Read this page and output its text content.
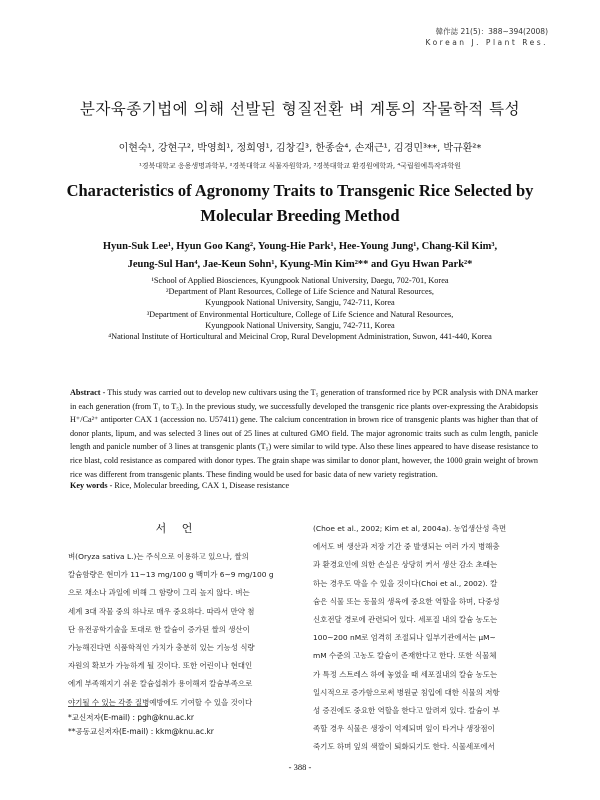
韓作誌 21(5)：388~394(2008)
Korean J. Plant Res.
분자육종기법에 의해 선발된 형질전환 벼 계통의 작물학적 특성
이현숙¹, 강현구², 박영희¹, 정희영¹, 김창길³, 한종술⁴, 손재근¹, 김경민³**, 박규환²*
¹경북대학교 응용생명과학부, ²경북대학교 식물자원학과, ³경북대학교 환경원예학과, ⁴국립원예특작과학원
Characteristics of Agronomy Traits to Transgenic Rice Selected by
Molecular Breeding Method
Hyun-Suk Lee¹, Hyun Goo Kang², Young-Hie Park¹, Hee-Young Jung¹, Chang-Kil Kim³,
Jeung-Sul Han⁴, Jae-Keun Sohn¹, Kyung-Min Kim²** and Gyu Hwan Park²*
¹School of Applied Biosciences, Kyungpook National University, Daegu, 702-701, Korea
²Department of Plant Resources, College of Life Science and Natural Resources,
Kyungpook National University, Sangju, 742-711, Korea
³Department of Environmental Horticulture, College of Life Science and Natural Resources,
Kyungpook National University, Sangju, 742-711, Korea
⁴National Institute of Horticultural and Meicinal Crop, Rural Development Administration, Suwon, 441-440, Korea
Abstract - This study was carried out to develop new cultivars using the T₅ generation of transformed rice by PCR analysis with DNA marker in each generation (from T₁ to T₅). In the previous study, we successfully developed the transgenic rice plants over-expressing the Arabidopsis H⁺/Ca²⁺ antiporter CAX 1 (accession no. U57411) gene. The calcium concentration in brown rice of transgenic plants was higher than that of donor plants, lipum, and was selected 3 lines out of 25 lines at cultured GMO field. The major agronomic traits such as culm length, panicle length and panicle number of 3 lines at transgenic plants (T₅) were similar to wild type. Also these lines appeared to have disease resistance to rice blast, cold resistance as compared with donor types. The grain shape was similar to donor plant, however, the 1000 grain weight of brown rice was different from transgenic plants. These finding would be used for basic data of new variety registration.
Key words - Rice, Molecular breeding, CAX 1, Disease resistance
서 언
벼(Oryza sativa L.)는 주식으로 이용하고 있으나, 쌀의
칼슘함량은 현미가 11~13 mg/100 g 백미가 6~9 mg/100 g
으로 채소나 과일에 비해 그 함량이 그리 높지 않다. 벼는
세계 3대 작물 중의 하나로 매우 중요하다. 따라서 만약 첨
단 유전공학기술을 토대로 한 칼슘이 증가된 쌀의 생산이
가능해진다면 식품학적인 가치가 충분히 있는 기능성 식량
자원의 확보가 가능하게 될 것이다. 또한 어린이나 현대인
에게 부족해지기 쉬운 칼슘섭취가 용이해져 칼슘부족으로
야기될 수 있는 각종 질병예방에도 기여할 수 있을 것이다
(Choe et al., 2002; Kim et al, 2004a). 농업생산성 측면
에서도 벼 생산과 저장 기간 중 발생되는 여러 가지 병해충
과 환경요인에 의한 손실은 상당히 커서 생산 감소 초래는
하는 경우도 막을 수 있을 것이다(Choi et al., 2002). 칼
슘은 식물 또는 동물의 생육에 중요한 역할을 하며, 다중성
신호전달 경로에 관련되어 있다. 세포질 내의 칼슘 농도는
100~200 nM로 엄격히 조절되나 일부기관에서는 μM~
mM 수준의 고농도 칼슘이 존재한다고 한다. 또한 식물체
가 특정 스트레스 하에 놓였을 때 세포질내의 칼슘 농도는
일시적으로 증가함으로써 병원균 침입에 대한 식물의 저항
성 증진에도 중요한 역할을 한다고 알려져 있다. 칼슘이 부
족할 경우 식물은 생장이 억제되며 잎이 타거나 생장점이
죽기도 하며 잎의 색깔이 퇴화되기도 한다. 식물세포에서
*교신저자(E-mail) : pgh@knu.ac.kr
**공동교신저자(E-mail) : kkm@knu.ac.kr
- 388 -
